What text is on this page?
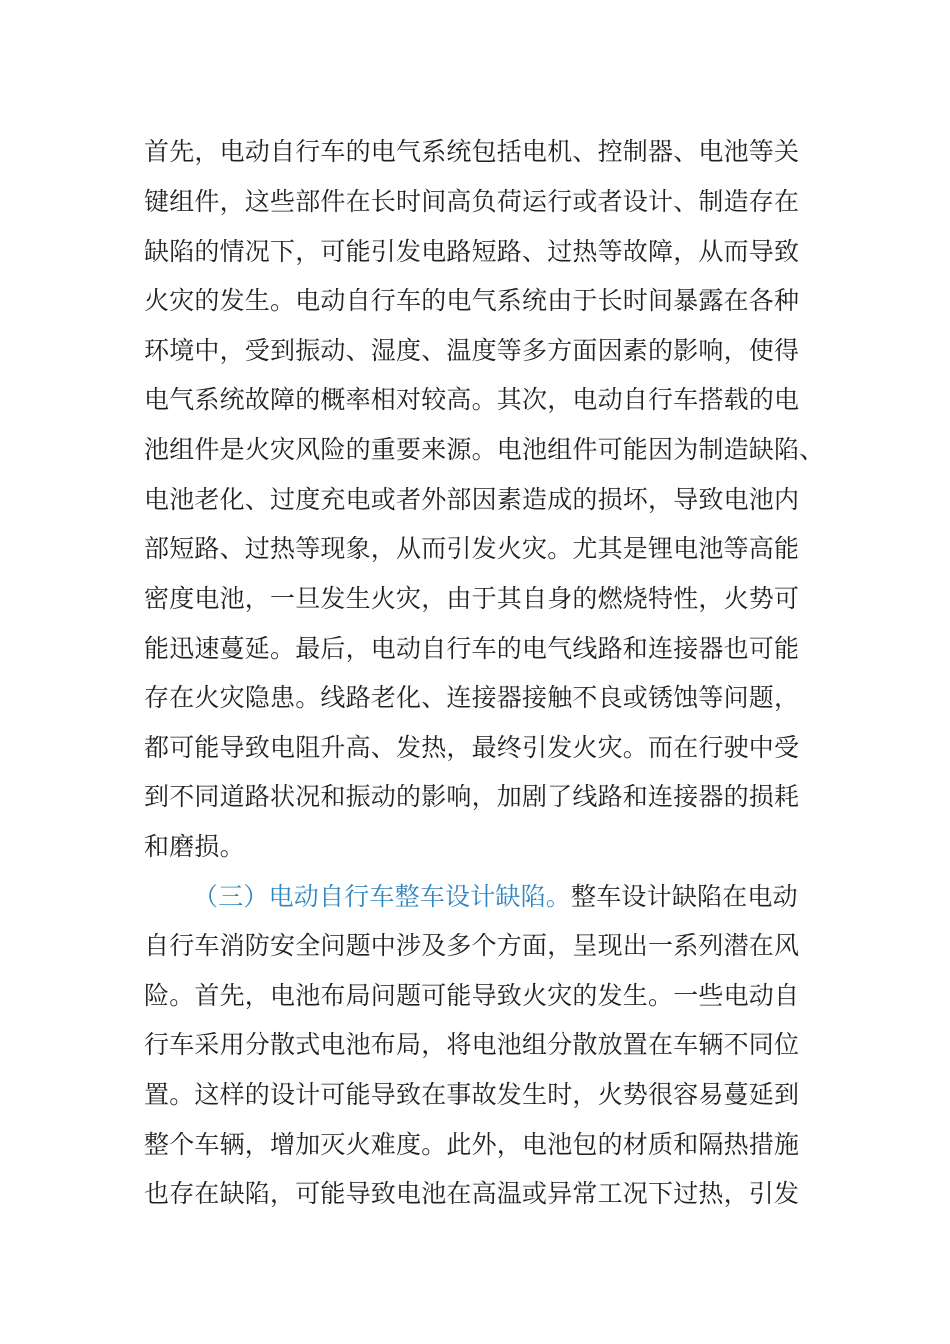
首先，电动自行车的电气系统包括电机、控制器、电池等关
键组件，这些部件在长时间高负荷运行或者设计、制造存在
缺陷的情况下，可能引发电路短路、过热等故障，从而导致
火灾的发生。电动自行车的电气系统由于长时间暴露在各种
环境中，受到振动、湿度、温度等多方面因素的影响，使得
电气系统故障的概率相对较高。其次，电动自行车搭载的电
池组件是火灾风险的重要来源。电池组件可能因为制造缺陷、
电池老化、过度充电或者外部因素造成的损坏，导致电池内
部短路、过热等现象，从而引发火灾。尤其是锂电池等高能
密度电池，一旦发生火灾，由于其自身的燃烧特性，火势可
能迅速蔓延。最后，电动自行车的电气线路和连接器也可能
存在火灾隐患。线路老化、连接器接触不良或锈蚀等问题，
都可能导致电阻升高、发热，最终引发火灾。而在行驶中受
到不同道路状况和振动的影响，加剧了线路和连接器的损耗
和磨损。
（三）电动自行车整车设计缺陷。整车设计缺陷在电动
自行车消防安全问题中涉及多个方面，呈现出一系列潜在风
险。首先，电池布局问题可能导致火灾的发生。一些电动自
行车采用分散式电池布局，将电池组分散放置在车辆不同位
置。这样的设计可能导致在事故发生时，火势很容易蔓延到
整个车辆，增加灭火难度。此外，电池包的材质和隔热措施
也存在缺陷，可能导致电池在高温或异常工况下过热，引发
